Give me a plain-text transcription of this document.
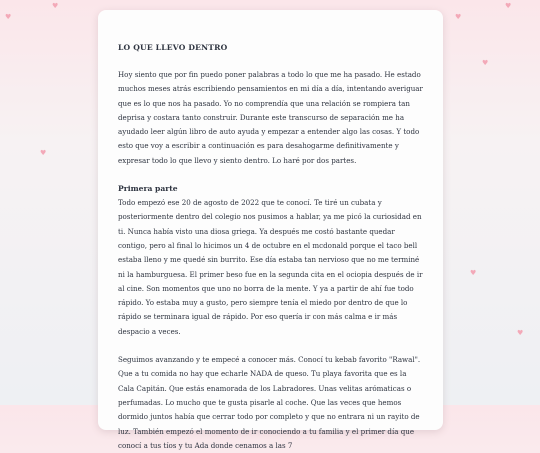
♥
♥
♥
♥
♥
♥
♥
♥

LO QUE LLEVO DENTRO

Hoy siento que por fin puedo poner palabras a todo lo que me ha pasado. He estado muchos meses atrás escribiendo pensamientos en mi día a día, intentando averiguar que es lo que nos ha pasado. Yo no comprendía que una relación se rompiera tan deprisa y costara tanto construir. Durante este transcurso de separación me ha ayudado leer algún libro de auto ayuda y empezar a entender algo las cosas. Y todo esto que voy a escribir a continuación es para desahogarme definitivamente y expresar todo lo que llevo y siento dentro. Lo haré por dos partes.

Primera parte

Todo empezó ese 20 de agosto de 2022 que te conocí. Te tiré un cubata y posteriormente dentro del colegio nos pusimos a hablar, ya me picó la curiosidad en ti. Nunca había visto una diosa griega. Ya después me costó bastante quedar contigo, pero al final lo hicimos un 4 de octubre en el mcdonald porque el taco bell estaba lleno y me quedé sin burrito. Ese día estaba tan nervioso que no me terminé ni la hamburguesa. El primer beso fue en la segunda cita en el ociopia después de ir al cine. Son momentos que uno no borra de la mente. Y ya a partir de ahí fue todo rápido. Yo estaba muy a gusto, pero siempre tenía el miedo por dentro de que lo rápido se terminara igual de rápido. Por eso quería ir con más calma e ir más despacio a veces.

Seguimos avanzando y te empecé a conocer más. Conocí tu kebab favorito "Rawal". Que a tu comida no hay que echarle NADA de queso. Tu playa favorita que es la Cala Capitán. Que estás enamorada de los Labradores. Unas velitas arómaticas o perfumadas. Lo mucho que te gusta pisarle al coche. Que las veces que hemos dormido juntos había que cerrar todo por completo y que no entrara ni un rayito de luz. También empezó el momento de ir conociendo a tu familia y el primer día que conocí a tus tíos y tu Ada donde cenamos a las 7
